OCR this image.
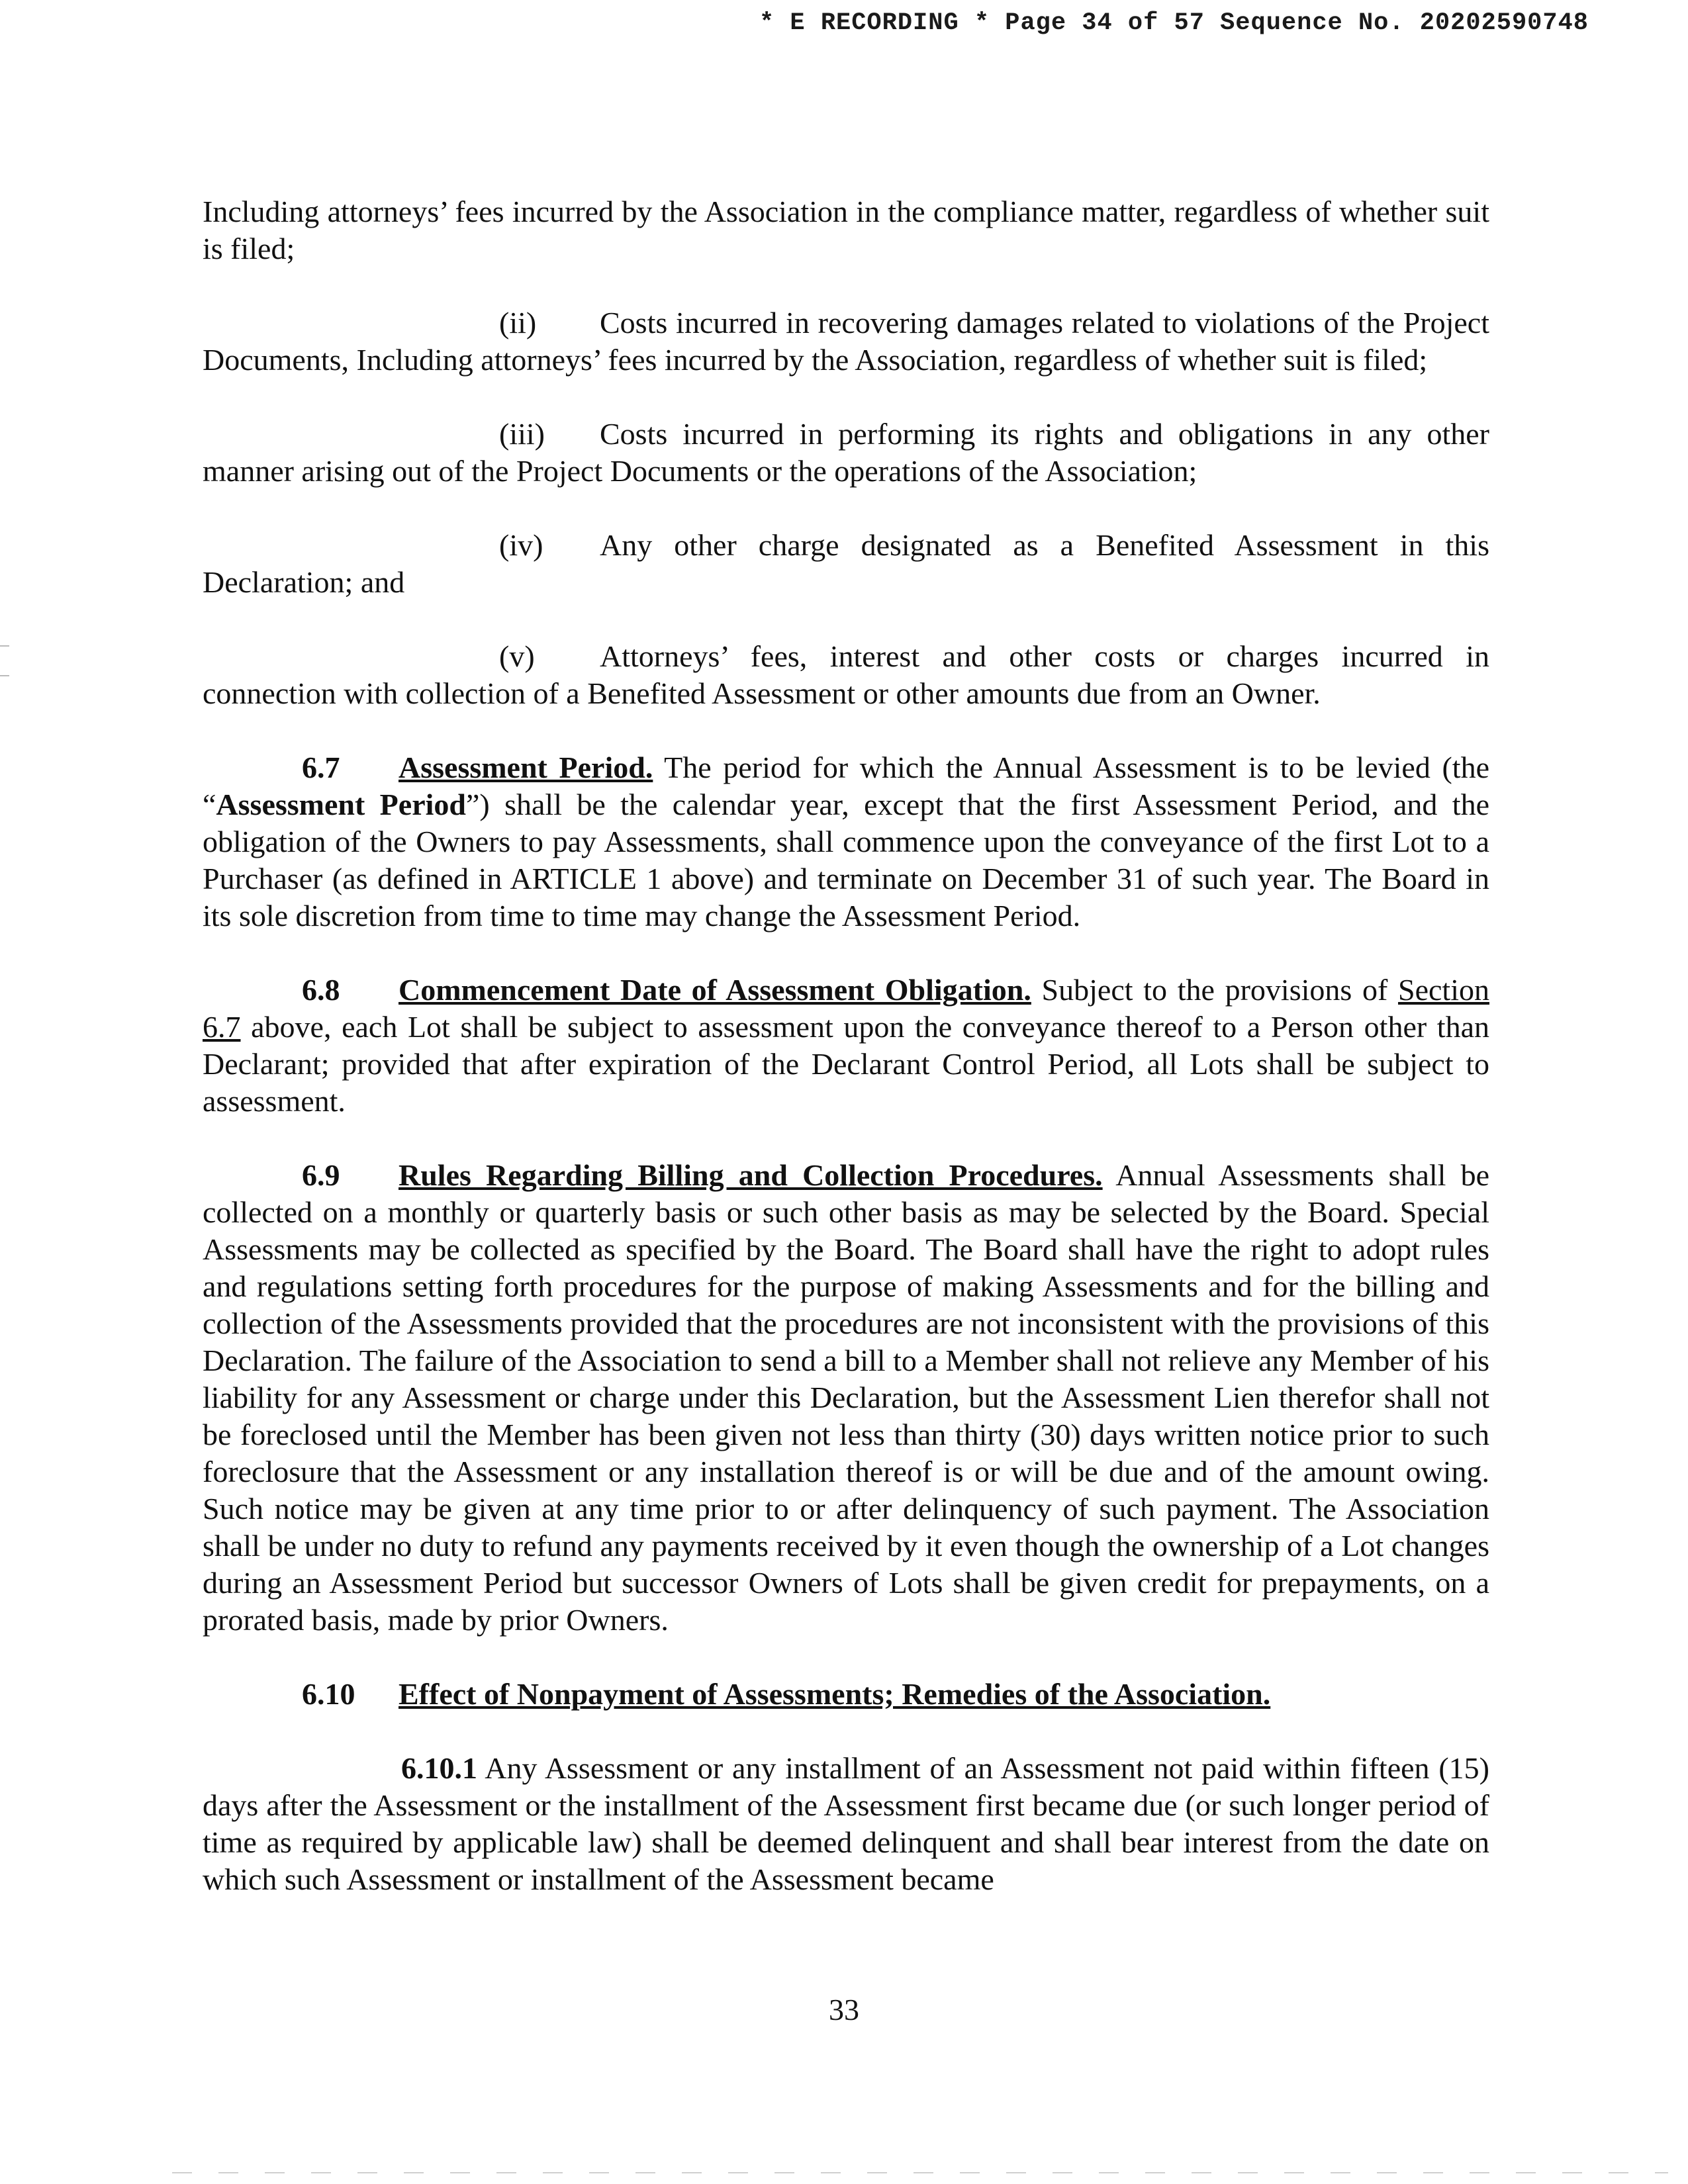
* E RECORDING * Page 34 of 57 Sequence No. 20202590748

Including attorneys’ fees incurred by the Association in the compliance matter, regardless of whether suit is filed;

(ii) Costs incurred in recovering damages related to violations of the Project Documents, Including attorneys’ fees incurred by the Association, regardless of whether suit is filed;

(iii) Costs incurred in performing its rights and obligations in any other manner arising out of the Project Documents or the operations of the Association;

(iv) Any other charge designated as a Benefited Assessment in this Declaration; and

(v) Attorneys’ fees, interest and other costs or charges incurred in connection with collection of a Benefited Assessment or other amounts due from an Owner.

6.7 Assessment Period. The period for which the Annual Assessment is to be levied (the “Assessment Period”) shall be the calendar year, except that the first Assessment Period, and the obligation of the Owners to pay Assessments, shall commence upon the conveyance of the first Lot to a Purchaser (as defined in ARTICLE 1 above) and terminate on December 31 of such year. The Board in its sole discretion from time to time may change the Assessment Period.

6.8 Commencement Date of Assessment Obligation. Subject to the provisions of Section 6.7 above, each Lot shall be subject to assessment upon the conveyance thereof to a Person other than Declarant; provided that after expiration of the Declarant Control Period, all Lots shall be subject to assessment.

6.9 Rules Regarding Billing and Collection Procedures. Annual Assessments shall be collected on a monthly or quarterly basis or such other basis as may be selected by the Board. Special Assessments may be collected as specified by the Board. The Board shall have the right to adopt rules and regulations setting forth procedures for the purpose of making Assessments and for the billing and collection of the Assessments provided that the procedures are not inconsistent with the provisions of this Declaration. The failure of the Association to send a bill to a Member shall not relieve any Member of his liability for any Assessment or charge under this Declaration, but the Assessment Lien therefor shall not be foreclosed until the Member has been given not less than thirty (30) days written notice prior to such foreclosure that the Assessment or any installation thereof is or will be due and of the amount owing. Such notice may be given at any time prior to or after delinquency of such payment. The Association shall be under no duty to refund any payments received by it even though the ownership of a Lot changes during an Assessment Period but successor Owners of Lots shall be given credit for prepayments, on a prorated basis, made by prior Owners.

6.10 Effect of Nonpayment of Assessments; Remedies of the Association.

6.10.1 Any Assessment or any installment of an Assessment not paid within fifteen (15) days after the Assessment or the installment of the Assessment first became due (or such longer period of time as required by applicable law) shall be deemed delinquent and shall bear interest from the date on which such Assessment or installment of the Assessment became

33
